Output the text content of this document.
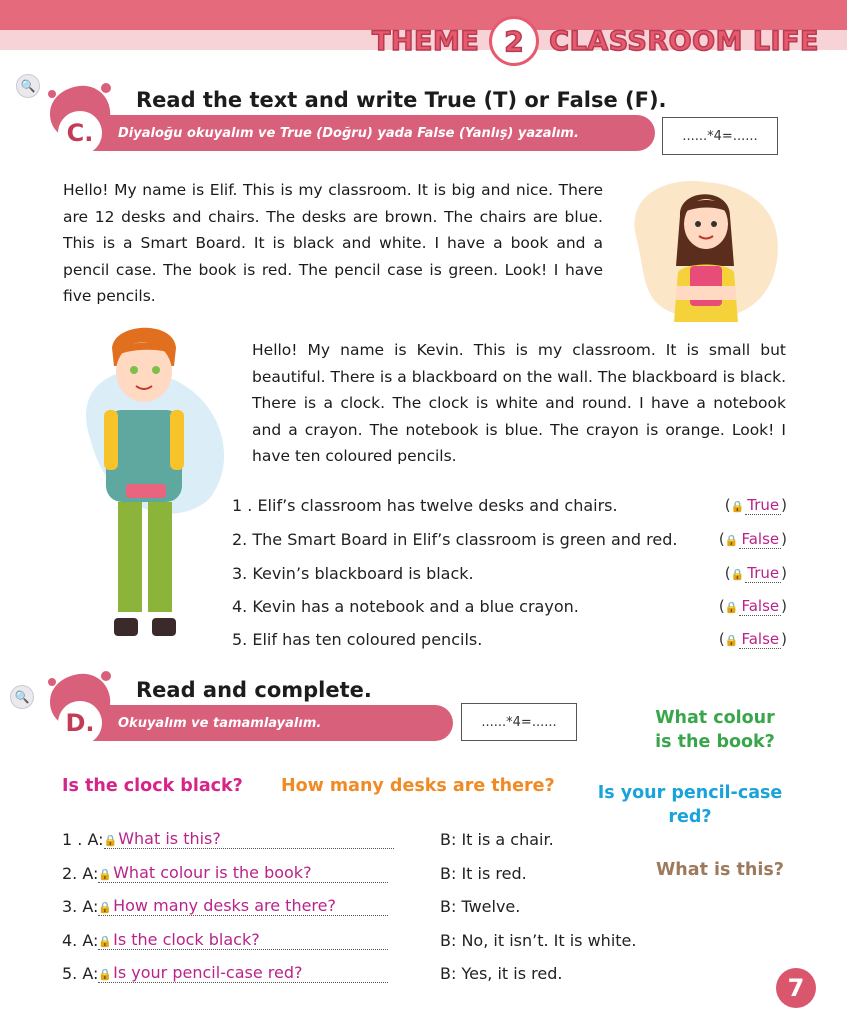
THEME 2 CLASSROOM LIFE
🔍
Diyaloğu okuyalım ve True (Doğru) yada False (Yanlış) yazalım.
C.
Read the text and write True (T) or False (F).
......*4=......

Hello! My name is Elif. This is my classroom. It is big and nice. There are 12 desks and chairs. The desks are brown. The chairs are blue. This is a Smart Board. It is black and white. I have a book and a pencil case. The book is red. The pencil case is green. Look! I have five pencils.

Hello! My name is Kevin. This is my classroom. It is small but beautiful. There is a blackboard on the wall. The blackboard is black. There is a clock. The clock is white and round. I have a notebook and a crayon. The notebook is blue. The crayon is orange. Look! I have ten coloured pencils.

1 . Elif’s classroom has twelve desks and chairs.	(🔒 True )
2. The Smart Board in Elif’s classroom is green and red.	(🔒 False )
3. Kevin’s blackboard is black.	(🔒 True )
4. Kevin has a notebook and a blue crayon.	(🔒 False )
5. Elif has ten coloured pencils.	(🔒 False )
🔍
Okuyalım ve tamamlayalım.
D.
Read and complete.
......*4=......	What colour
is the book?
Is the clock black? How many desks are there?	Is your pencil-case
red?
What is this?
1 . A: 🔒What is this?	B: It is a chair.
2. A: 🔒What colour is the book?	B: It is red.
3. A: 🔒How many desks are there?	B: Twelve.
4. A: 🔒Is the clock black?	B: No, it isn’t. It is white.
5. A: 🔒Is your pencil-case red?	B: Yes, it is red.
7
